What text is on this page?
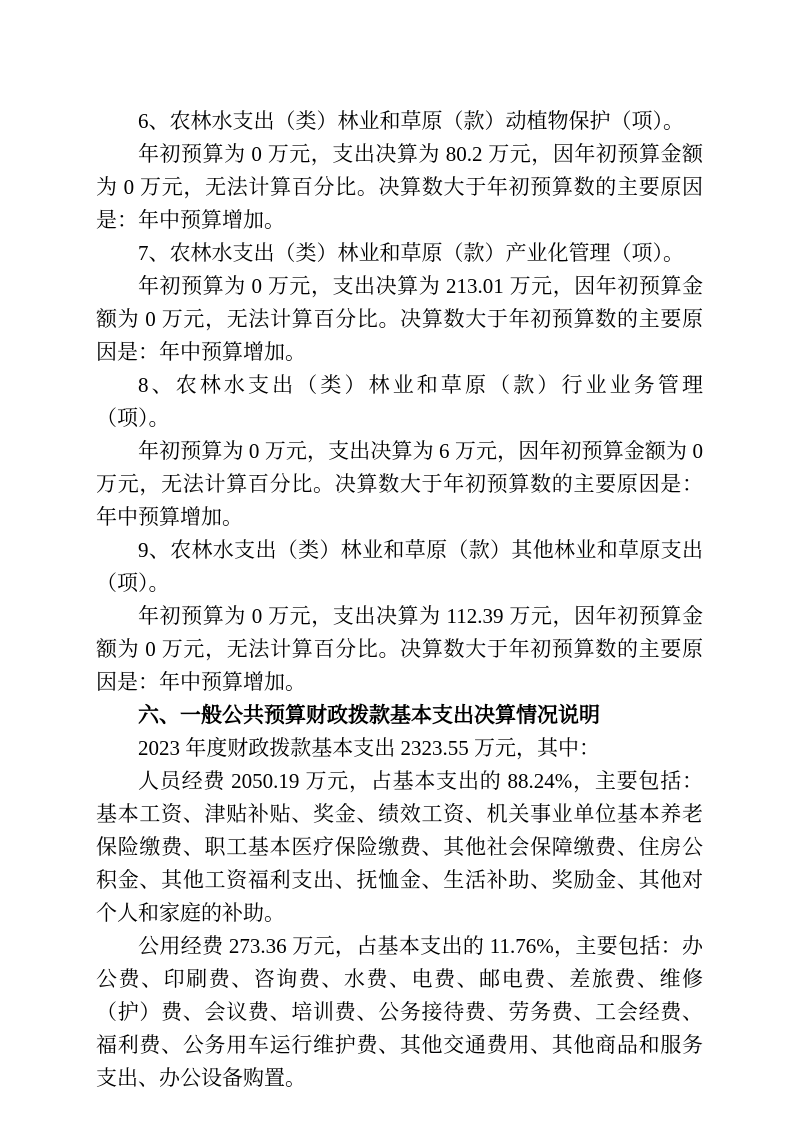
6、农林水支出（类）林业和草原（款）动植物保护（项）。

年初预算为 0 万元，支出决算为 80.2 万元，因年初预算金额为 0 万元，无法计算百分比。决算数大于年初预算数的主要原因是：年中预算增加。

7、农林水支出（类）林业和草原（款）产业化管理（项）。

年初预算为 0 万元，支出决算为 213.01 万元，因年初预算金额为 0 万元，无法计算百分比。决算数大于年初预算数的主要原因是：年中预算增加。

8、农林水支出（类）林业和草原（款）行业业务管理（项）。

年初预算为 0 万元，支出决算为 6 万元，因年初预算金额为 0 万元，无法计算百分比。决算数大于年初预算数的主要原因是：年中预算增加。

9、农林水支出（类）林业和草原（款）其他林业和草原支出（项）。

年初预算为 0 万元，支出决算为 112.39 万元，因年初预算金额为 0 万元，无法计算百分比。决算数大于年初预算数的主要原因是：年中预算增加。

六、一般公共预算财政拨款基本支出决算情况说明

2023 年度财政拨款基本支出 2323.55 万元，其中：

人员经费 2050.19 万元，占基本支出的 88.24%，主要包括：基本工资、津贴补贴、奖金、绩效工资、机关事业单位基本养老保险缴费、职工基本医疗保险缴费、其他社会保障缴费、住房公积金、其他工资福利支出、抚恤金、生活补助、奖励金、其他对个人和家庭的补助。

公用经费 273.36 万元，占基本支出的 11.76%，主要包括：办公费、印刷费、咨询费、水费、电费、邮电费、差旅费、维修（护）费、会议费、培训费、公务接待费、劳务费、工会经费、福利费、公务用车运行维护费、其他交通费用、其他商品和服务支出、办公设备购置。
